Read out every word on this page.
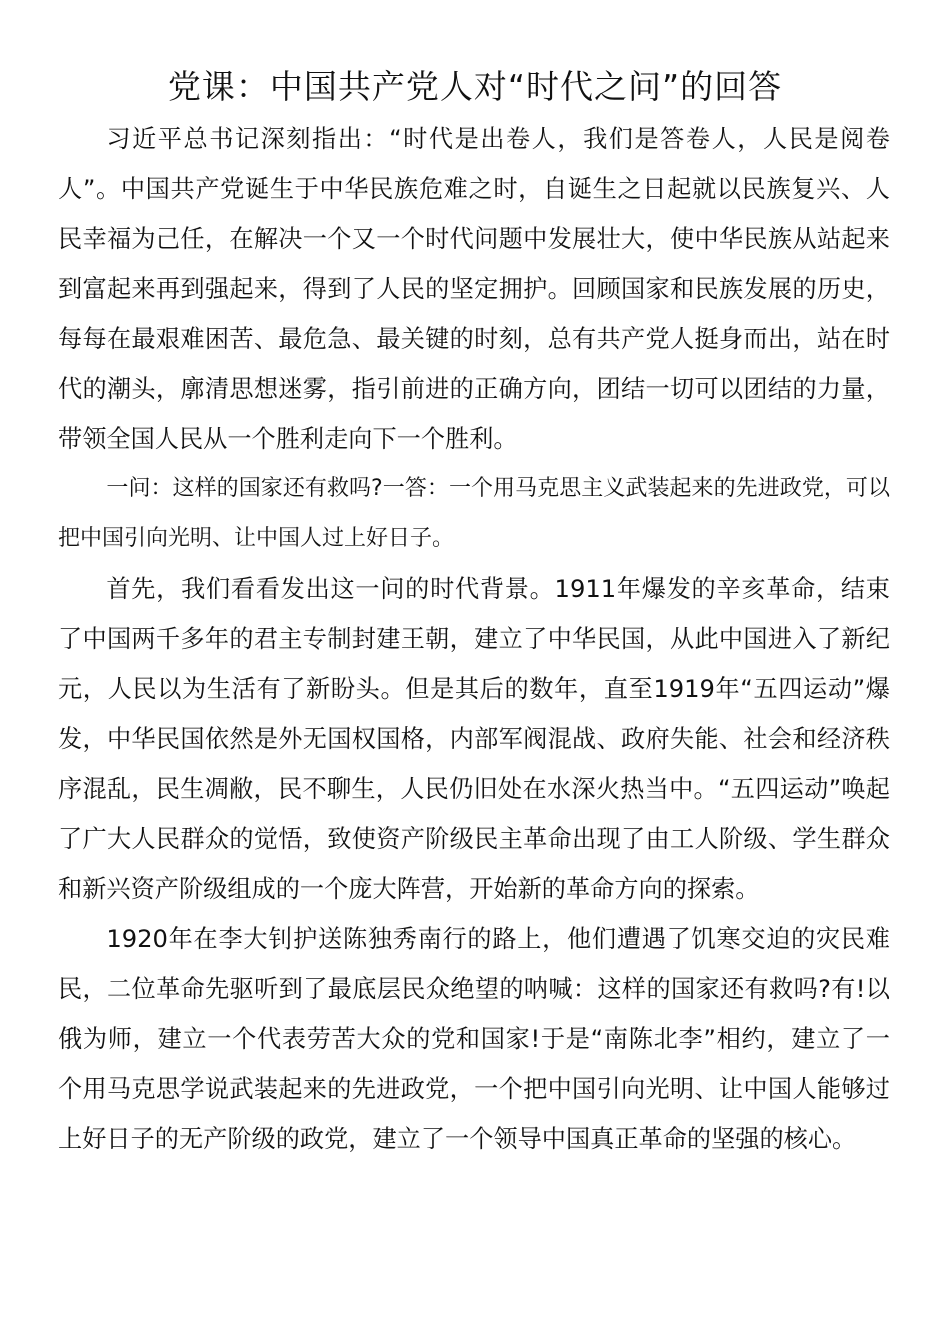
党课：中国共产党人对“时代之问”的回答

习近平总书记深刻指出：“时代是出卷人，我们是答卷人，人民是阅卷人”。中国共产党诞生于中华民族危难之时，自诞生之日起就以民族复兴、人民幸福为己任，在解决一个又一个时代问题中发展壮大，使中华民族从站起来到富起来再到强起来，得到了人民的坚定拥护。回顾国家和民族发展的历史，每每在最艰难困苦、最危急、最关键的时刻，总有共产党人挺身而出，站在时代的潮头，廓清思想迷雾，指引前进的正确方向，团结一切可以团结的力量，带领全国人民从一个胜利走向下一个胜利。

一问：这样的国家还有救吗?一答：一个用马克思主义武装起来的先进政党，可以把中国引向光明、让中国人过上好日子。

首先，我们看看发出这一问的时代背景。1911年爆发的辛亥革命，结束了中国两千多年的君主专制封建王朝，建立了中华民国，从此中国进入了新纪元，人民以为生活有了新盼头。但是其后的数年，直至1919年“五四运动”爆发，中华民国依然是外无国权国格，内部军阀混战、政府失能、社会和经济秩序混乱，民生凋敝，民不聊生，人民仍旧处在水深火热当中。“五四运动”唤起了广大人民群众的觉悟，致使资产阶级民主革命出现了由工人阶级、学生群众和新兴资产阶级组成的一个庞大阵营，开始新的革命方向的探索。

1920年在李大钊护送陈独秀南行的路上，他们遭遇了饥寒交迫的灾民难民，二位革命先驱听到了最底层民众绝望的呐喊：这样的国家还有救吗?有!以俄为师，建立一个代表劳苦大众的党和国家!于是“南陈北李”相约，建立了一个用马克思学说武装起来的先进政党，一个把中国引向光明、让中国人能够过上好日子的无产阶级的政党，建立了一个领导中国真正革命的坚强的核心。
